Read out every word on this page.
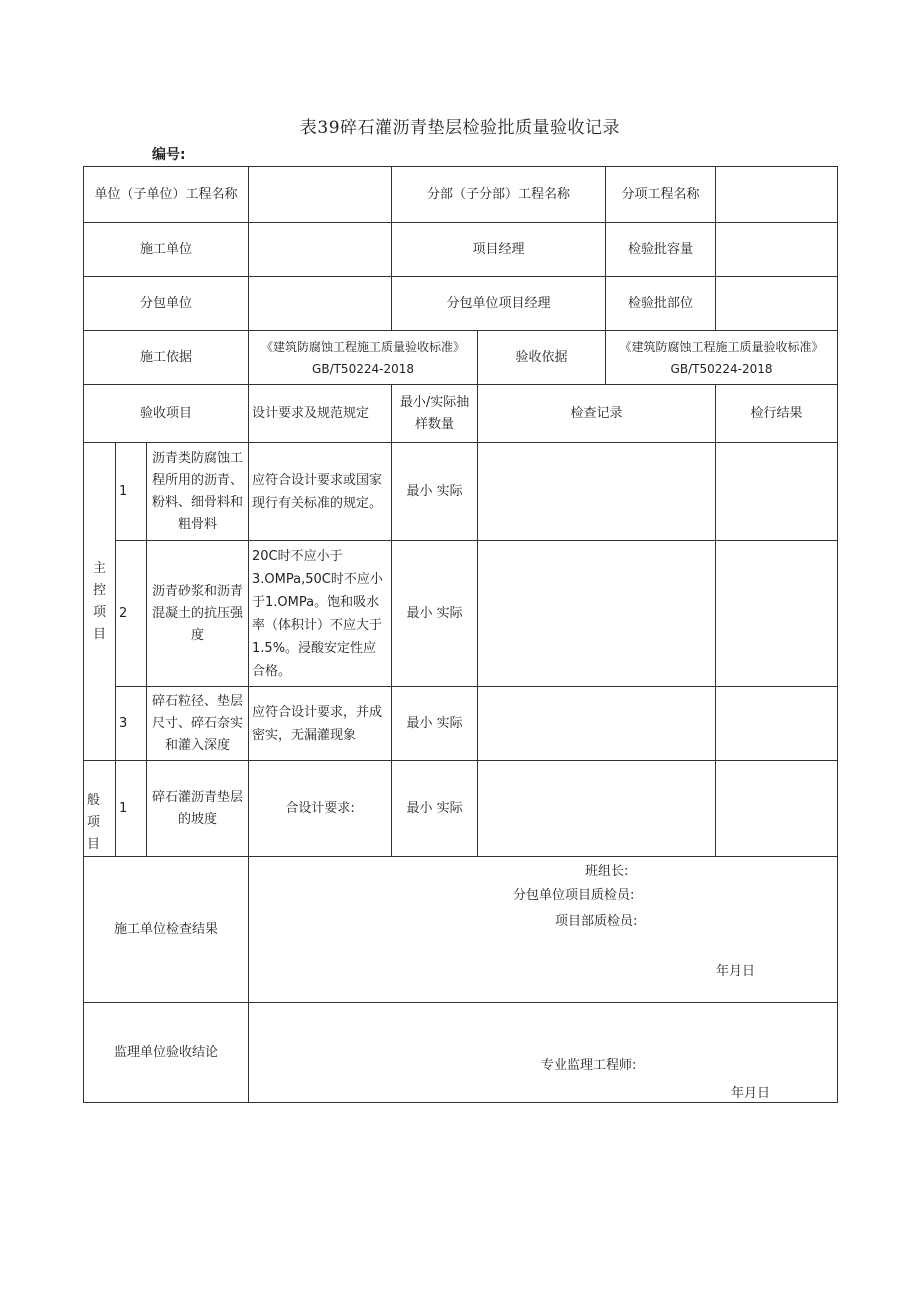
表39碎石灌沥青垫层检验批质量验收记录
编号:
单位（子单位）工程名称				分部（子分部）工程名称		分项工程名称	
施工单位				项目经理		检验批容量	
分包单位				分包单位项目经理		检验批部位	
施工依据			《建筑防腐蚀工程施工质量验收标准》GB/T50224-2018		验收依据	《建筑防腐蚀工程施工质量验收标准》GB/T50224-2018	
验收项目			设计要求及规范规定	最小/实际抽样数量	检查记录		检行结果
主控项目	1	沥青类防腐蚀工程所用的沥青、粉料、细骨料和粗骨料	应符合设计要求或国家现行有关标准的规定。	最小 实际			
	2	沥青砂浆和沥青混凝土的抗压强度	20C时不应小于3.OMPa,50C时不应小于1.OMPa。饱和吸水率（体积计）不应大于1.5%。浸酸安定性应合格。	最小 实际			
	3	碎石粒径、垫层尺寸、碎石奈实和灌入深度	应符合设计要求，并成密实，无漏灌现象	最小 实际			
般项目	1	碎石灌沥青垫层的坡度	合设计要求:	最小 实际			
施工单位检查结果			班组长:
分包单位项目质检员:
项目部质检员:
年月日				

监理单位验收结论			专业监理工程师:
年月日				
